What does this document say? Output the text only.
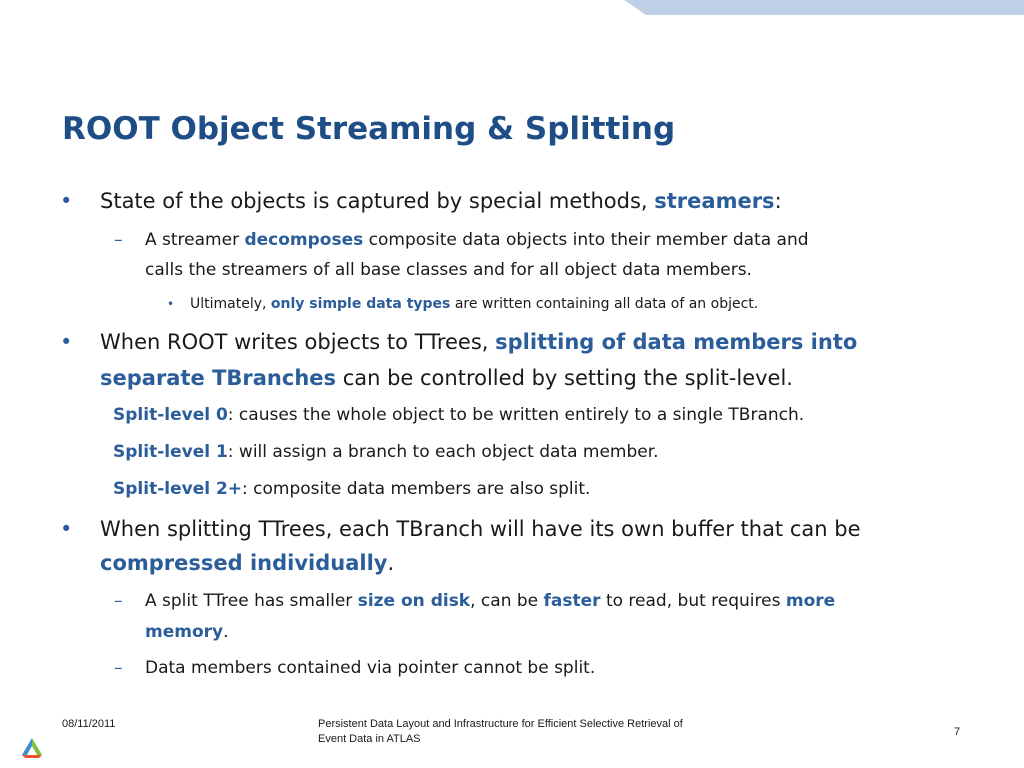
ROOT Object Streaming & Splitting
• State of the objects is captured by special methods, streamers:
– A streamer decomposes composite data objects into their member data and
calls the streamers of all base classes and for all object data members.
• Ultimately, only simple data types are written containing all data of an object.
• When ROOT writes objects to TTrees, splitting of data members into
separate TBranches can be controlled by setting the split-level.
Split-level 0: causes the whole object to be written entirely to a single TBranch.
Split-level 1: will assign a branch to each object data member.
Split-level 2+: composite data members are also split.
• When splitting TTrees, each TBranch will have its own buffer that can be
compressed individually.
– A split TTree has smaller size on disk, can be faster to read, but requires more
memory.
– Data members contained via pointer cannot be split.
08/11/2011	Persistent Data Layout and Infrastructure for Efficient Selective Retrieval of
Event Data in ATLAS
7
